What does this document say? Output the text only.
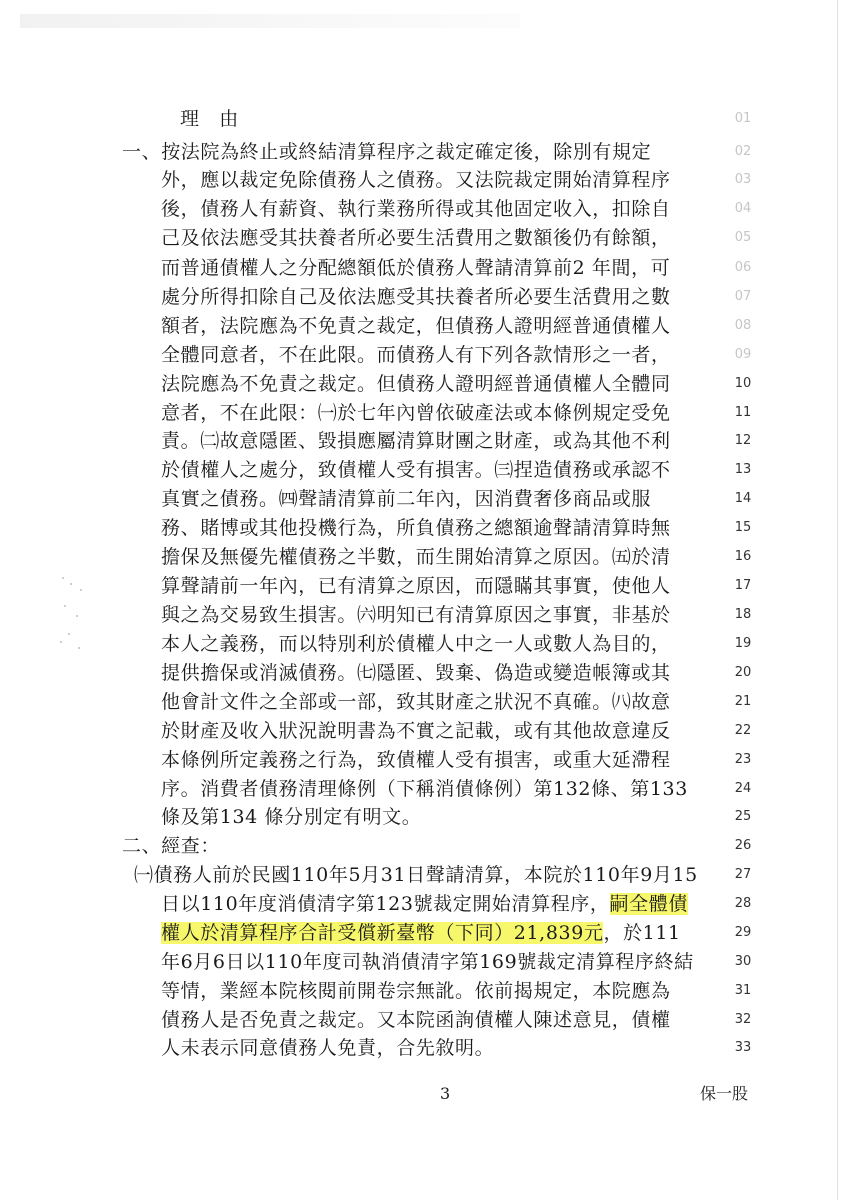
理　由	01
一、按法院為終止或終結清算程序之裁定確定後，除別有規定	02
外，應以裁定免除債務人之債務。又法院裁定開始清算程序	03
後，債務人有薪資、執行業務所得或其他固定收入，扣除自	04
己及依法應受其扶養者所必要生活費用之數額後仍有餘額，	05
而普通債權人之分配總額低於債務人聲請清算前2 年間，可	06
處分所得扣除自己及依法應受其扶養者所必要生活費用之數	07
額者，法院應為不免責之裁定，但債務人證明經普通債權人	08
全體同意者，不在此限。而債務人有下列各款情形之一者，	09
法院應為不免責之裁定。但債務人證明經普通債權人全體同	10
意者，不在此限：㈠於七年內曾依破產法或本條例規定受免	11
責。㈡故意隱匿、毀損應屬清算財團之財產，或為其他不利	12
於債權人之處分，致債權人受有損害。㈢捏造債務或承認不	13
真實之債務。㈣聲請清算前二年內，因消費奢侈商品或服	14
務、賭博或其他投機行為，所負債務之總額逾聲請清算時無	15
擔保及無優先權債務之半數，而生開始清算之原因。㈤於清	16
算聲請前一年內，已有清算之原因，而隱瞞其事實，使他人	17
與之為交易致生損害。㈥明知已有清算原因之事實，非基於	18
本人之義務，而以特別利於債權人中之一人或數人為目的，	19
提供擔保或消滅債務。㈦隱匿、毀棄、偽造或變造帳簿或其	20
他會計文件之全部或一部，致其財產之狀況不真確。㈧故意	21
於財產及收入狀況說明書為不實之記載，或有其他故意違反	22
本條例所定義務之行為，致債權人受有損害，或重大延滯程	23
序。消費者債務清理條例（下稱消債條例）第132條、第133	24
條及第134 條分別定有明文。	25
二、經查：	26
㈠債務人前於民國110年5月31日聲請清算，本院於110年9月15	27
日以110年度消債清字第123號裁定開始清算程序，嗣全體債	28
權人於清算程序合計受償新臺幣（下同）21,839元，於111	29
年6月6日以110年度司執消債清字第169號裁定清算程序終結	30
等情，業經本院核閱前開卷宗無訛。依前揭規定，本院應為	31
債務人是否免責之裁定。又本院函詢債權人陳述意見，債權	32
人未表示同意債務人免責，合先敘明。	33
3	保一股
